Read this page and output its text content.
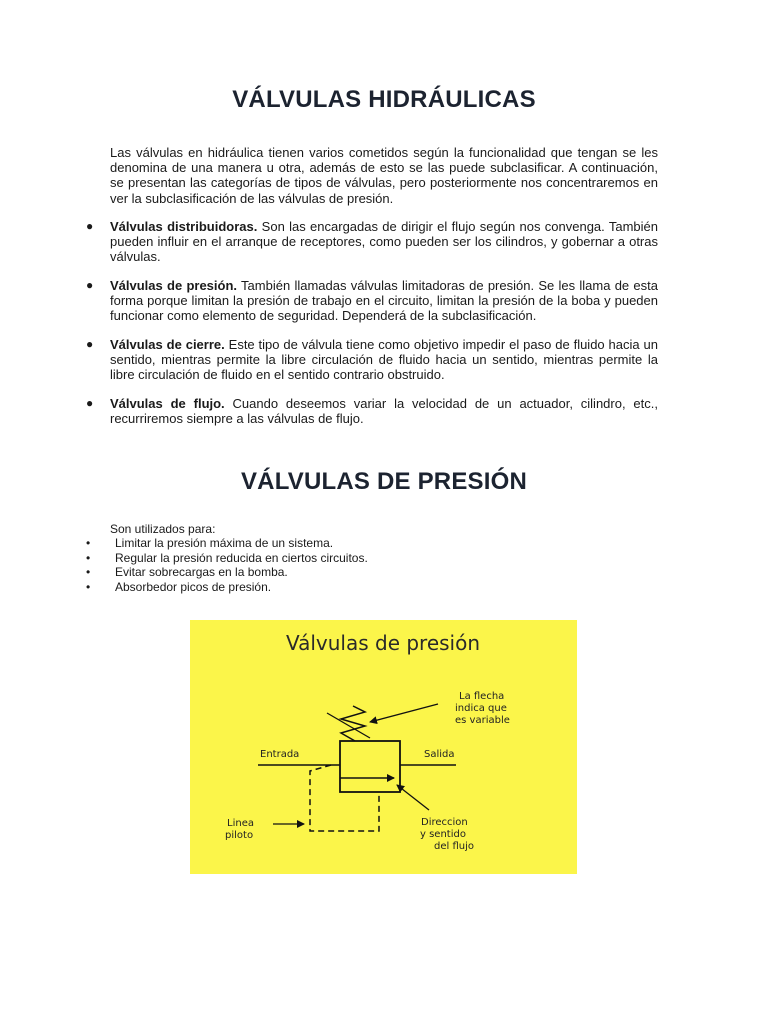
VÁLVULAS HIDRÁULICAS

Las válvulas en hidráulica tienen varios cometidos según la funcionalidad que tengan se les denomina de una manera u otra, además de esto se las puede subclasificar. A continuación, se presentan las categorías de tipos de válvulas, pero posteriormente nos concentraremos en ver la subclasificación de las válvulas de presión.

● Válvulas distribuidoras. Son las encargadas de dirigir el flujo según nos convenga. También pueden influir en el arranque de receptores, como pueden ser los cilindros, y gobernar a otras válvulas.
● Válvulas de presión. También llamadas válvulas limitadoras de presión. Se les llama de esta forma porque limitan la presión de trabajo en el circuito, limitan la presión de la boba y pueden funcionar como elemento de seguridad. Dependerá de la subclasificación.
● Válvulas de cierre. Este tipo de válvula tiene como objetivo impedir el paso de fluido hacia un sentido, mientras permite la libre circulación de fluido hacia un sentido, mientras permite la libre circulación de fluido en el sentido contrario obstruido.
● Válvulas de flujo. Cuando deseemos variar la velocidad de un actuador, cilindro, etc., recurriremos siempre a las válvulas de flujo.
VÁLVULAS DE PRESIÓN
Son utilizados para:
• Limitar la presión máxima de un sistema.
• Regular la presión reducida en ciertos circuitos.
• Evitar sobrecargas en la bomba.
• Absorbedor picos de presión.
Válvulas de presión
La flecha
indica que
es variable
Entrada	Salida
Linea
piloto
Direccion
y sentido
del flujo
